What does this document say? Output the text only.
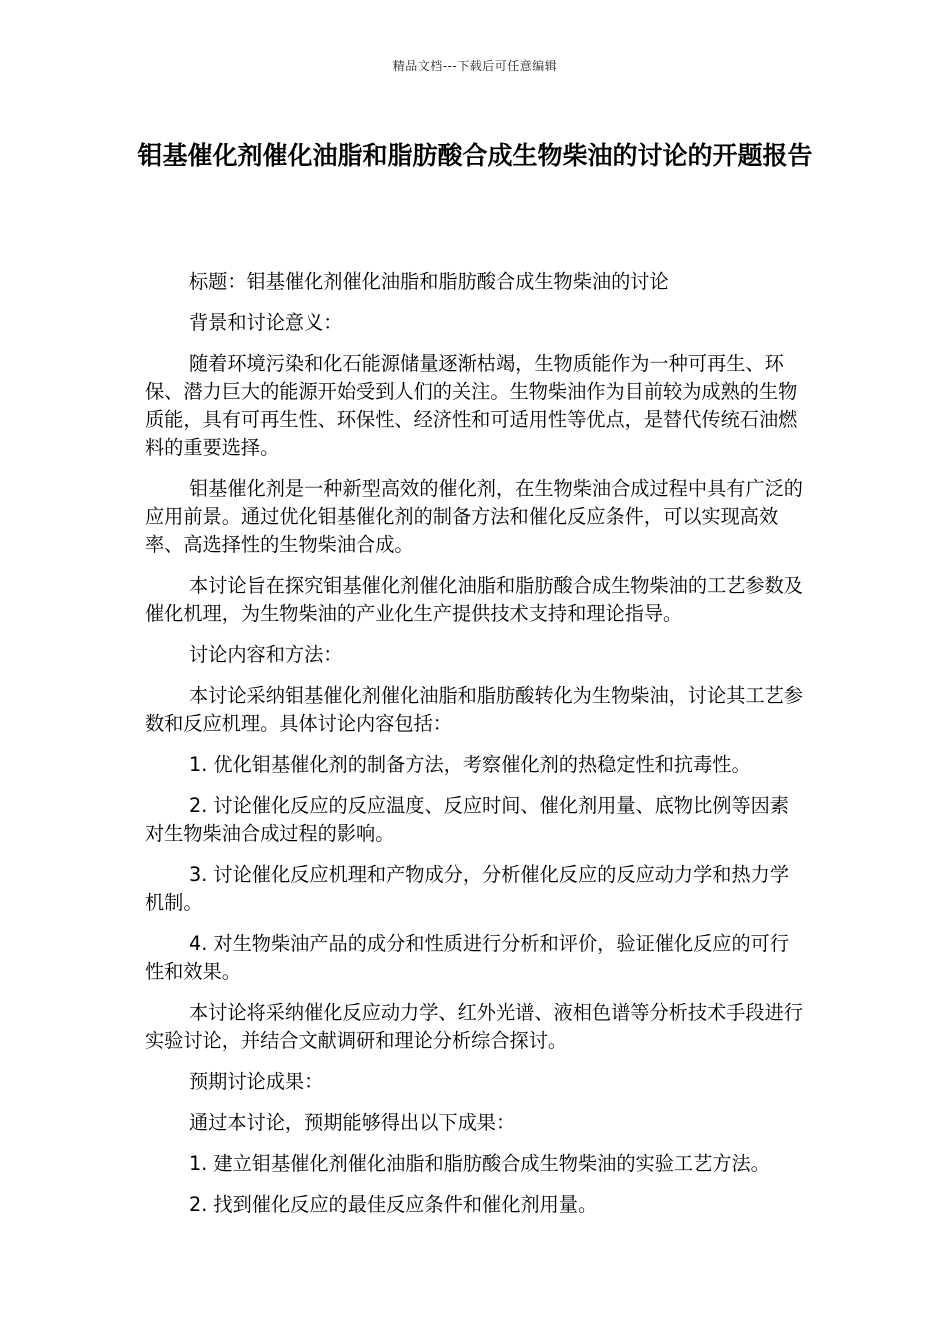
精品文档---下载后可任意编辑
钼基催化剂催化油脂和脂肪酸合成生物柴油的讨论的开题报告

标题：钼基催化剂催化油脂和脂肪酸合成生物柴油的讨论

背景和讨论意义：

随着环境污染和化石能源储量逐渐枯竭，生物质能作为一种可再生、环保、潜力巨大的能源开始受到人们的关注。生物柴油作为目前较为成熟的生物质能，具有可再生性、环保性、经济性和可适用性等优点，是替代传统石油燃料的重要选择。

钼基催化剂是一种新型高效的催化剂，在生物柴油合成过程中具有广泛的应用前景。通过优化钼基催化剂的制备方法和催化反应条件，可以实现高效率、高选择性的生物柴油合成。

本讨论旨在探究钼基催化剂催化油脂和脂肪酸合成生物柴油的工艺参数及催化机理，为生物柴油的产业化生产提供技术支持和理论指导。

讨论内容和方法：

本讨论采纳钼基催化剂催化油脂和脂肪酸转化为生物柴油，讨论其工艺参数和反应机理。具体讨论内容包括：

1. 优化钼基催化剂的制备方法，考察催化剂的热稳定性和抗毒性。

2. 讨论催化反应的反应温度、反应时间、催化剂用量、底物比例等因素对生物柴油合成过程的影响。

3. 讨论催化反应机理和产物成分，分析催化反应的反应动力学和热力学机制。

4. 对生物柴油产品的成分和性质进行分析和评价，验证催化反应的可行性和效果。

本讨论将采纳催化反应动力学、红外光谱、液相色谱等分析技术手段进行实验讨论，并结合文献调研和理论分析综合探讨。

预期讨论成果：

通过本讨论，预期能够得出以下成果：

1. 建立钼基催化剂催化油脂和脂肪酸合成生物柴油的实验工艺方法。

2. 找到催化反应的最佳反应条件和催化剂用量。
